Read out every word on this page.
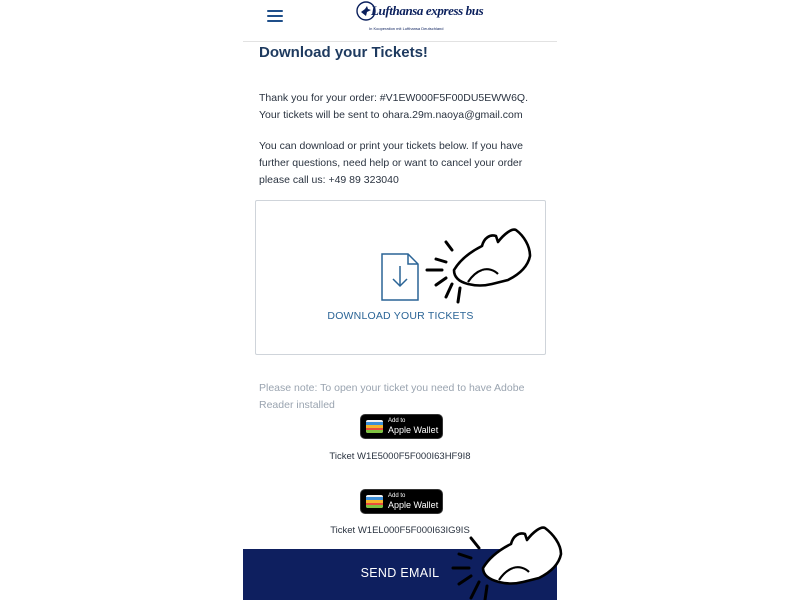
Lufthansa express bus
In Kooperation mit Lufthansa Deutschland
Download your Tickets!
Thank you for your order: #V1EW000F5F00DU5EWW6Q.
Your tickets will be sent to ohara.29m.naoya@gmail.com
You can download or print your tickets below. If you have further questions, need help or want to cancel your order please call us: +49 89 323040
DOWNLOAD YOUR TICKETS
Please note: To open your ticket you need to have Adobe Reader installed
Add to
Apple Wallet
Ticket W1E5000F5F000I63HF9I8
Add to
Apple Wallet
Ticket W1EL000F5F000I63IG9IS
SEND EMAIL
